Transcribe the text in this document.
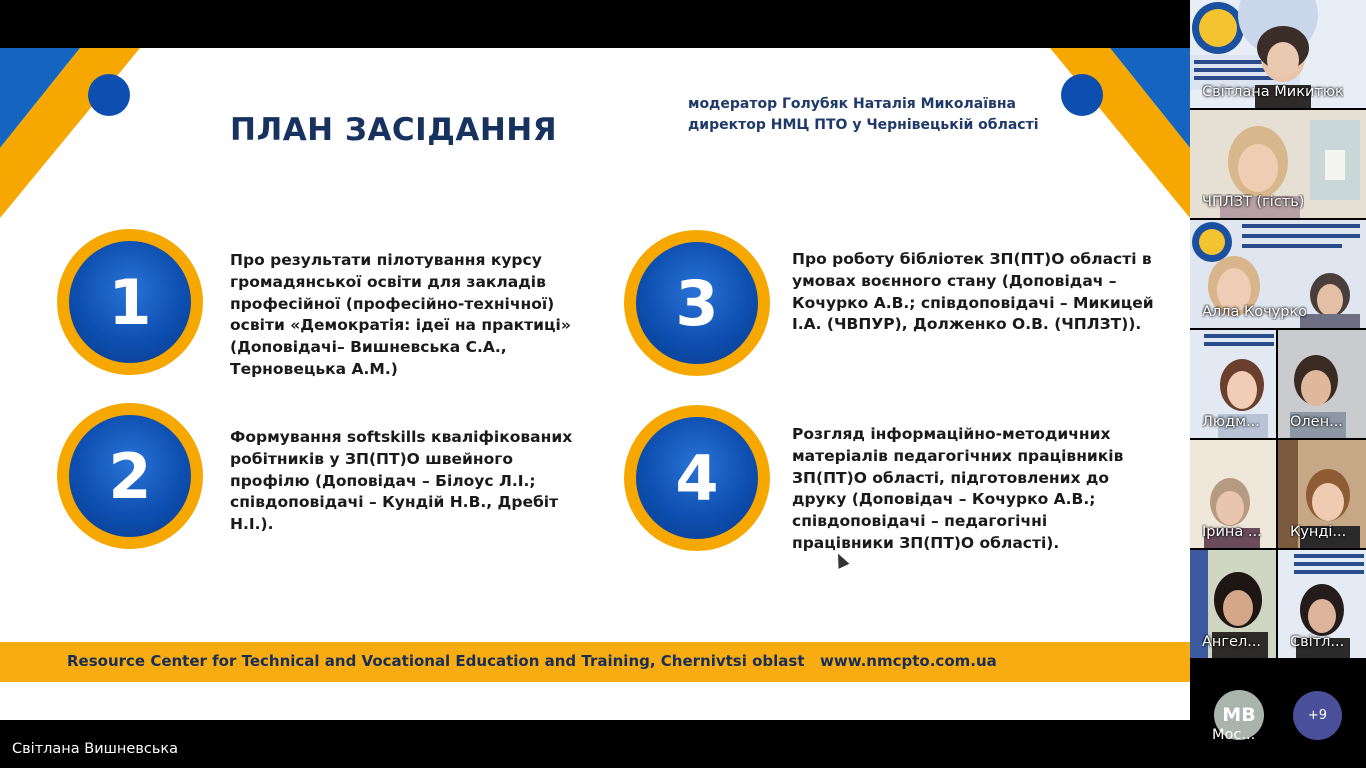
ПЛАН ЗАСІДАННЯ
модератор Голубяк Наталія Миколаївна
директор НМЦ ПТО у Чернівецькій області
1
Про результати пілотування курсу громадянської освіти для закладів професійної (професійно-технічної) освіти «Демократія: ідеї на практиці» (Доповідачі– Вишневська С.А., Терновецька А.М.)
2
Формування softskills кваліфікованих робітників у ЗП(ПТ)О швейного профілю (Доповідач – Білоус Л.І.; співдоповідачі – Кундій Н.В., Дребіт Н.І.).
3
Про роботу бібліотек ЗП(ПТ)О області в умовах воєнного стану (Доповідач – Кочурко А.В.; співдоповідачі – Микицей І.А. (ЧВПУР), Долженко О.В. (ЧПЛЗТ)).
4
Розгляд інформаційно-методичних матеріалів педагогічних працівників ЗП(ПТ)О області, підготовлених до друку (Доповідач – Кочурко А.В.; співдоповідачі – педагогічні працівники ЗП(ПТ)О області).
Resource Center for Technical and Vocational Education and Training, Chernivtsi oblast www.nmcpto.com.ua
Світлана Вишневська
Світлана Микитюк
ЧПЛЗТ (гість)
Алла Кочурко
Людм... Олен...
Ірина ... Кунді...
Ангел... Світл...
MB
Мос...
+9
